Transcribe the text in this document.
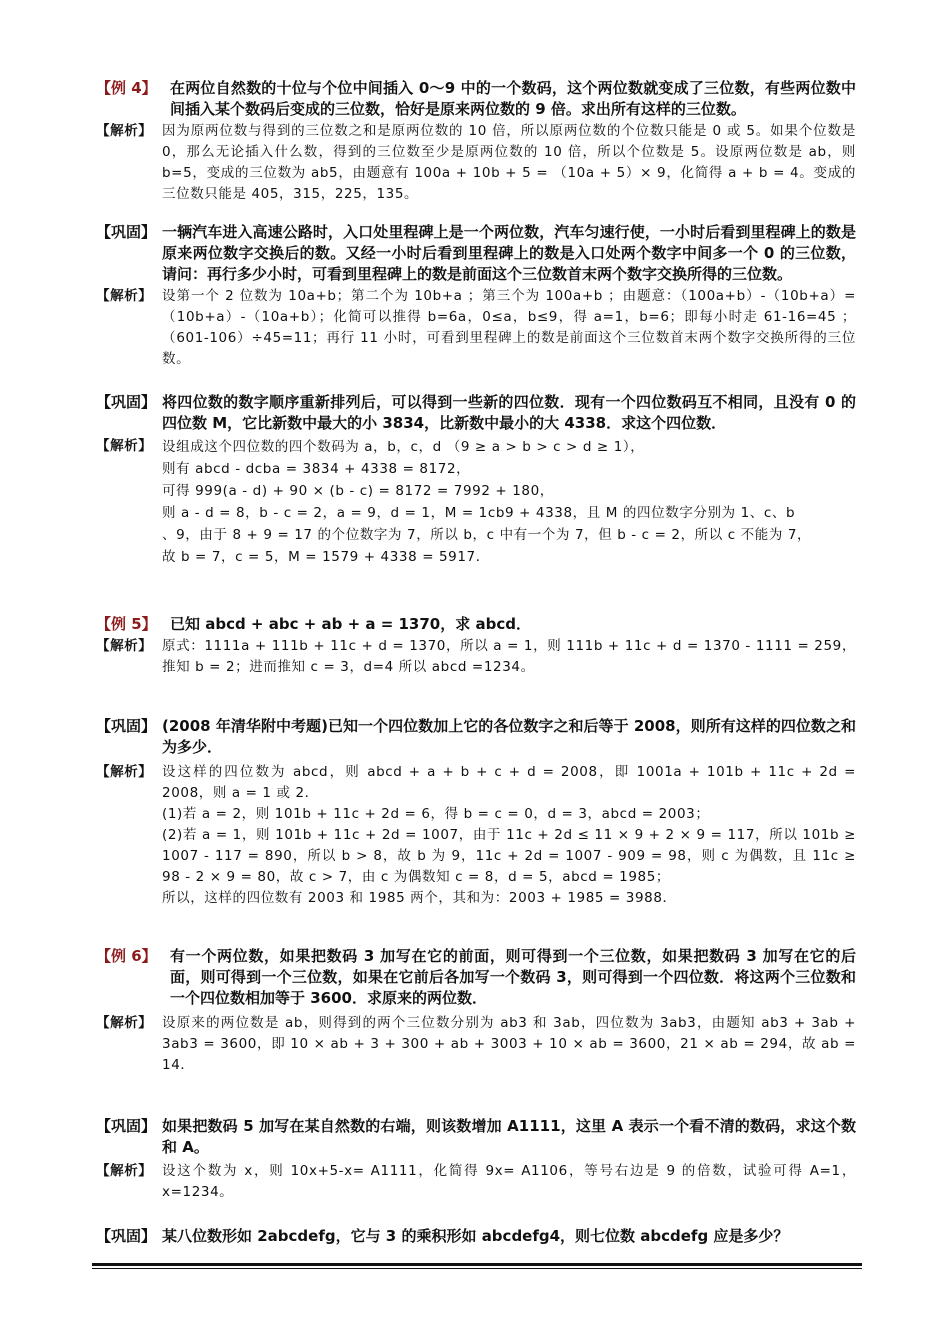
【例 4】 在两位自然数的十位与个位中间插入 0～9 中的一个数码，这个两位数就变成了三位数，有些两位数中间插入某个数码后变成的三位数，恰好是原来两位数的 9 倍。求出所有这样的三位数。
【解析】 因为原两位数与得到的三位数之和是原两位数的 10 倍，所以原两位数的个位数只能是 0 或 5。如果个位数是 0，那么无论插入什么数，得到的三位数至少是原两位数的 10 倍，所以个位数是 5。设原两位数是 ab，则 b=5，变成的三位数为 ab5，由题意有 100a + 10b + 5 = （10a + 5）× 9，化简得 a + b = 4。变成的三位数只能是 405，315，225，135。
【巩固】 一辆汽车进入高速公路时，入口处里程碑上是一个两位数，汽车匀速行使，一小时后看到里程碑上的数是原来两位数字交换后的数。又经一小时后看到里程碑上的数是入口处两个数字中间多一个 0 的三位数，请问：再行多少小时，可看到里程碑上的数是前面这个三位数首末两个数字交换所得的三位数。
【解析】 设第一个 2 位数为 10a+b；第二个为 10b+a ；第三个为 100a+b ；由题意：（100a+b）-（10b+a）=（10b+a）-（10a+b）；化简可以推得 b=6a，0≤a，b≤9，得 a=1，b=6；即每小时走 61-16=45 ；（601-106）÷45=11；再行 11 小时，可看到里程碑上的数是前面这个三位数首末两个数字交换所得的三位数。
【巩固】 将四位数的数字顺序重新排列后，可以得到一些新的四位数．现有一个四位数码互不相同，且没有 0 的四位数 M，它比新数中最大的小 3834，比新数中最小的大 4338．求这个四位数．
【解析】 设组成这个四位数的四个数码为 a，b，c，d （9 ≥ a > b > c > d ≥ 1），
则有 abcd - dcba = 3834 + 4338 = 8172，
可得 999(a - d) + 90 × (b - c) = 8172 = 7992 + 180，
则 a - d = 8，b - c = 2，a = 9，d = 1，M = 1cb9 + 4338，且 M 的四位数字分别为 1、c、b
、9，由于 8 + 9 = 17 的个位数字为 7，所以 b，c 中有一个为 7，但 b - c = 2，所以 c 不能为 7，
故 b = 7，c = 5，M = 1579 + 4338 = 5917．
【例 5】 已知 abcd + abc + ab + a = 1370，求 abcd．
【解析】 原式：1111a + 111b + 11c + d = 1370，所以 a = 1，则 111b + 11c + d = 1370 - 1111 = 259，推知 b = 2；进而推知 c = 3，d=4 所以 abcd =1234。
【巩固】 (2008 年清华附中考题)已知一个四位数加上它的各位数字之和后等于 2008，则所有这样的四位数之和为多少．
【解析】 设这样的四位数为 abcd，则 abcd + a + b + c + d = 2008，即 1001a + 101b + 11c + 2d = 2008，则 a = 1 或 2．
(1)若 a = 2，则 101b + 11c + 2d = 6，得 b = c = 0，d = 3，abcd = 2003；
(2)若 a = 1，则 101b + 11c + 2d = 1007，由于 11c + 2d ≤ 11 × 9 + 2 × 9 = 117，所以 101b ≥ 1007 - 117 = 890，所以 b > 8，故 b 为 9，11c + 2d = 1007 - 909 = 98，则 c 为偶数，且 11c ≥ 98 - 2 × 9 = 80，故 c > 7，由 c 为偶数知 c = 8，d = 5，abcd = 1985；
所以，这样的四位数有 2003 和 1985 两个，其和为：2003 + 1985 = 3988．
【例 6】 有一个两位数，如果把数码 3 加写在它的前面，则可得到一个三位数，如果把数码 3 加写在它的后面，则可得到一个三位数，如果在它前后各加写一个数码 3，则可得到一个四位数．将这两个三位数和一个四位数相加等于 3600．求原来的两位数．
【解析】 设原来的两位数是 ab，则得到的两个三位数分别为 ab3 和 3ab，四位数为 3ab3，由题知 ab3 + 3ab + 3ab3 = 3600，即 10 × ab + 3 + 300 + ab + 3003 + 10 × ab = 3600，21 × ab = 294，故 ab = 14．
【巩固】 如果把数码 5 加写在某自然数的右端，则该数增加 A1111，这里 A 表示一个看不清的数码，求这个数和 A。
【解析】 设这个数为 x，则 10x+5-x= A1111，化简得 9x= A1106，等号右边是 9 的倍数，试验可得 A=1，x=1234。
【巩固】 某八位数形如 2abcdefg，它与 3 的乘积形如 abcdefg4，则七位数 abcdefg 应是多少？
